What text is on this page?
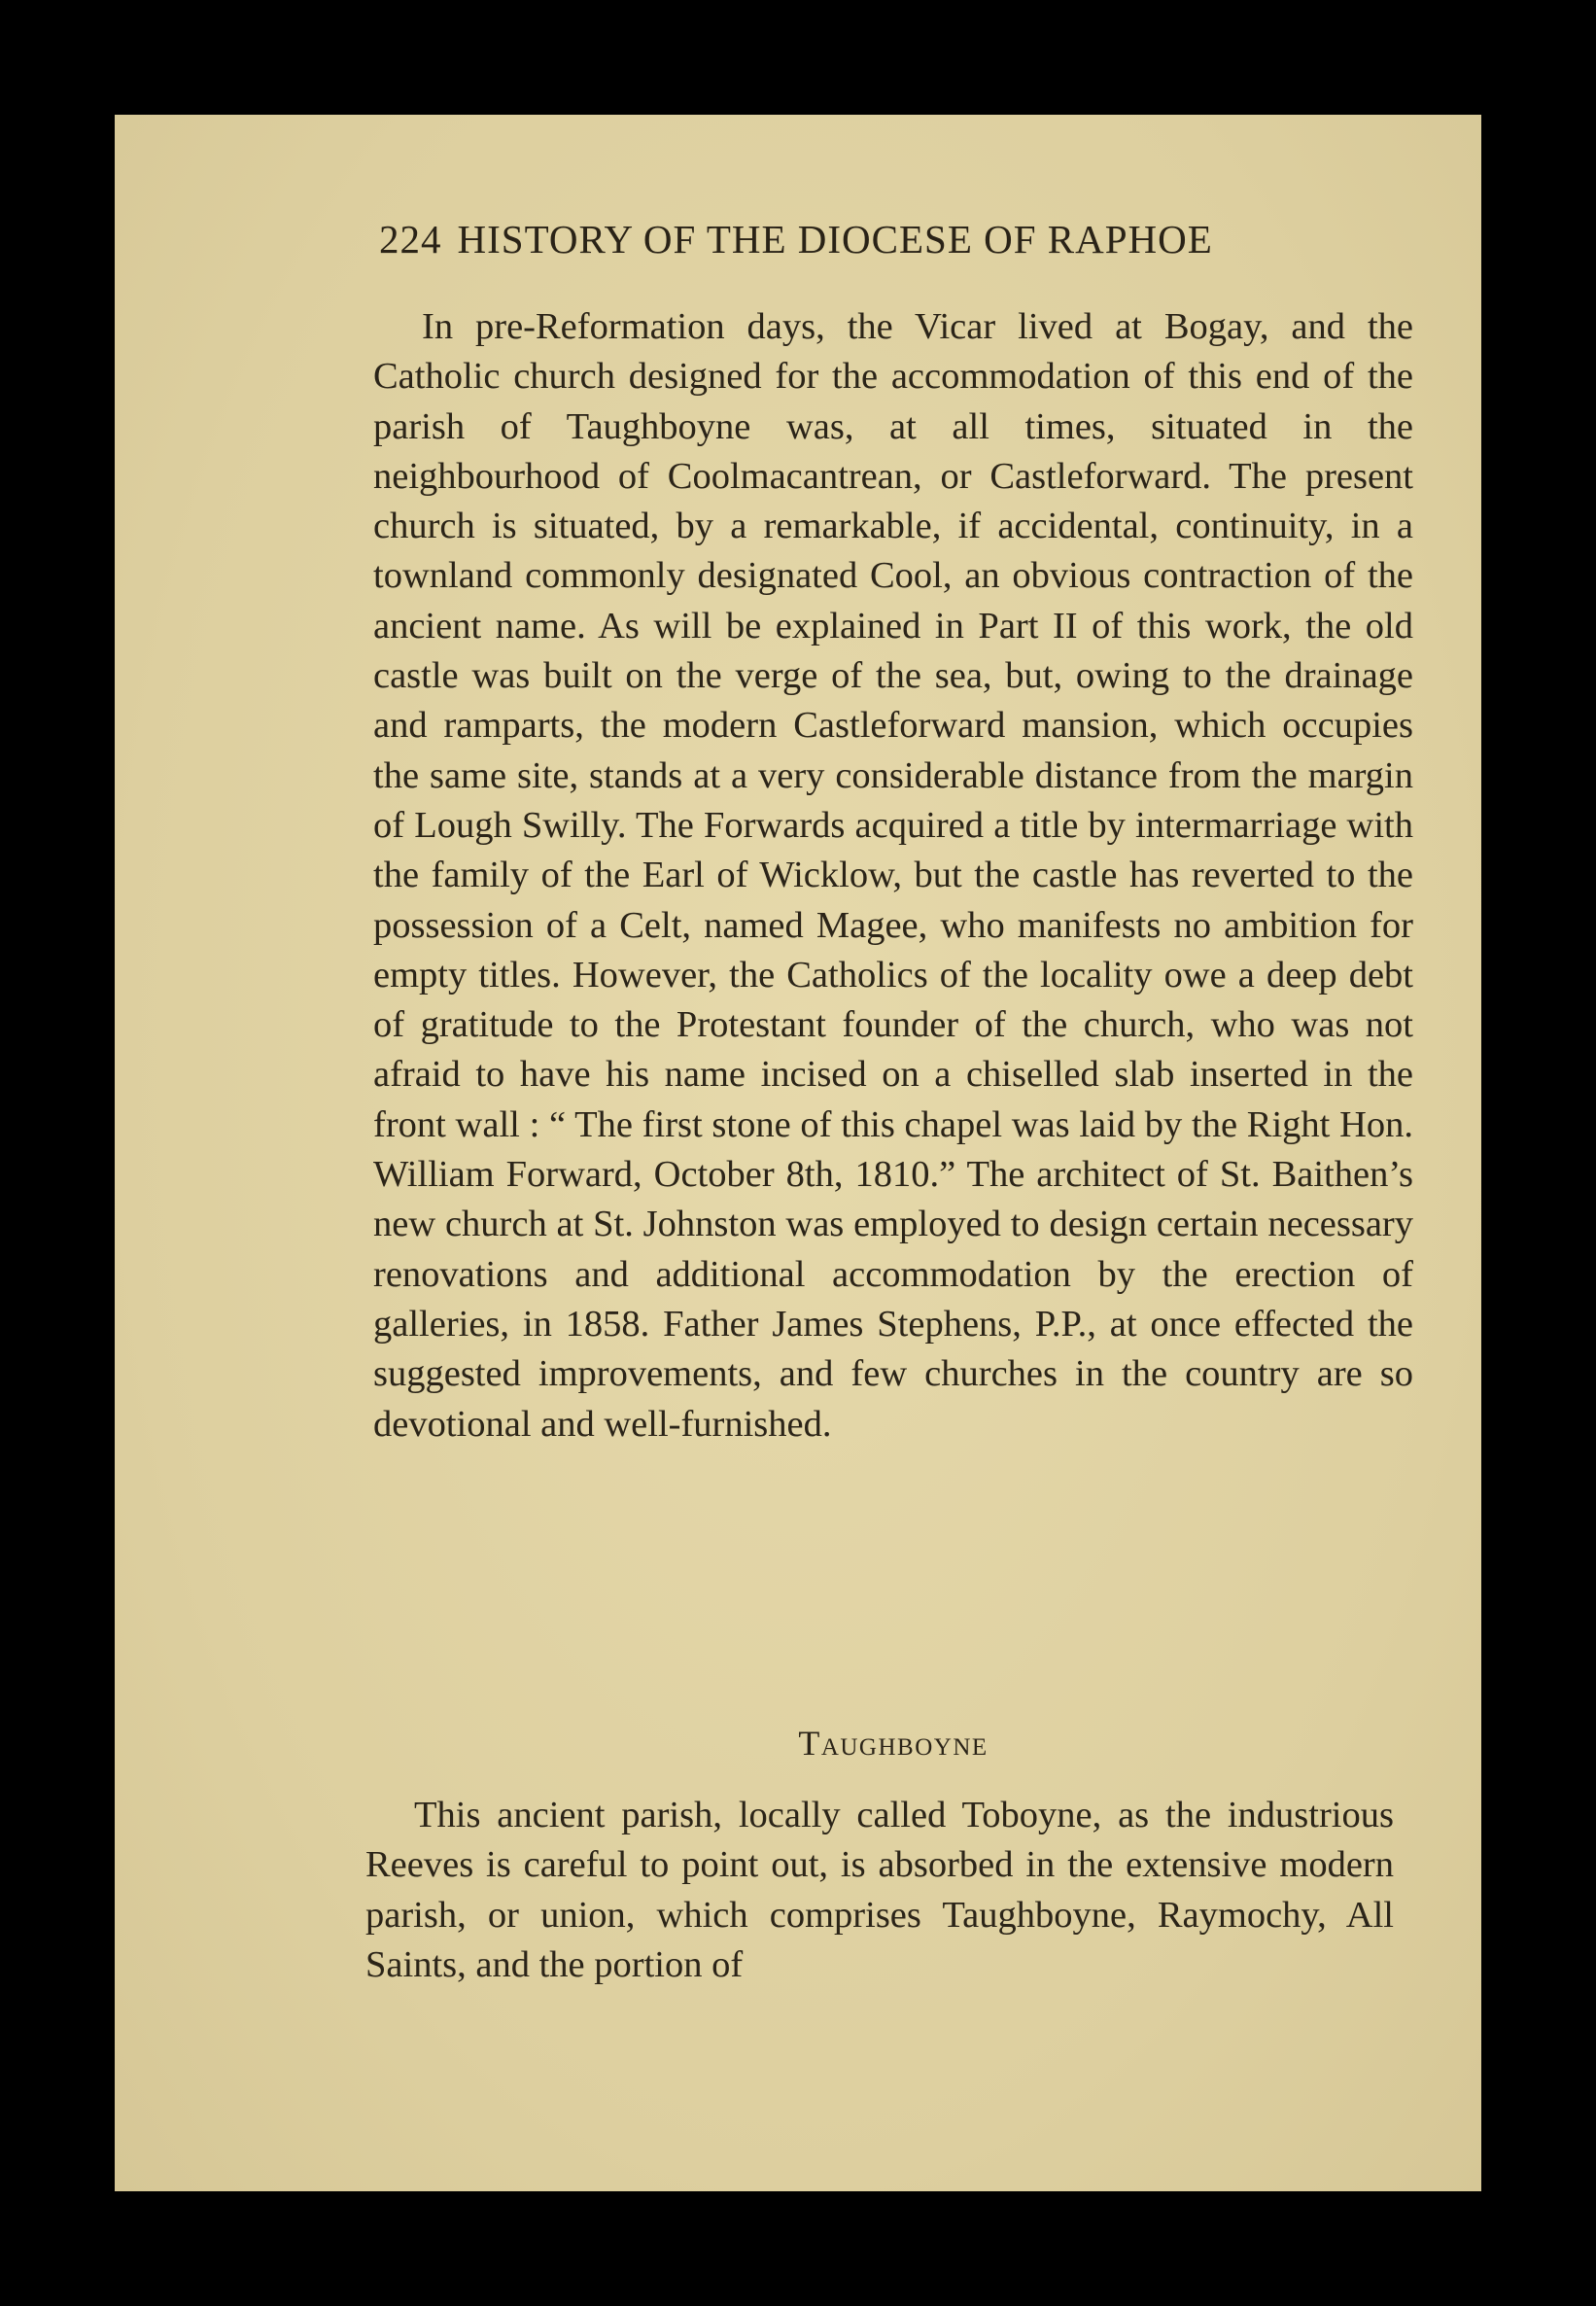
224 HISTORY OF THE DIOCESE OF RAPHOE
In pre-Reformation days, the Vicar lived at Bogay, and the Catholic church designed for the accommodation of this end of the parish of Taughboyne was, at all times, situated in the neighbourhood of Coolmacantrean, or Castleforward. The present church is situated, by a remarkable, if accidental, continuity, in a townland commonly designated Cool, an obvious contraction of the ancient name. As will be explained in Part II of this work, the old castle was built on the verge of the sea, but, owing to the drainage and ramparts, the modern Castleforward mansion, which occupies the same site, stands at a very considerable distance from the margin of Lough Swilly. The Forwards acquired a title by intermarriage with the family of the Earl of Wicklow, but the castle has reverted to the possession of a Celt, named Magee, who manifests no ambition for empty titles. However, the Catholics of the locality owe a deep debt of gratitude to the Protestant founder of the church, who was not afraid to have his name incised on a chiselled slab inserted in the front wall : “ The first stone of this chapel was laid by the Right Hon. William Forward, October 8th, 1810.” The architect of St. Baithen’s new church at St. Johnston was employed to design certain necessary renovations and additional accommodation by the erection of galleries, in 1858. Father James Stephens, P.P., at once effected the suggested improvements, and few churches in the country are so devotional and well-furnished.
Taughboyne
This ancient parish, locally called Toboyne, as the industrious Reeves is careful to point out, is absorbed in the extensive modern parish, or union, which comprises Taughboyne, Raymochy, All Saints, and the portion of
